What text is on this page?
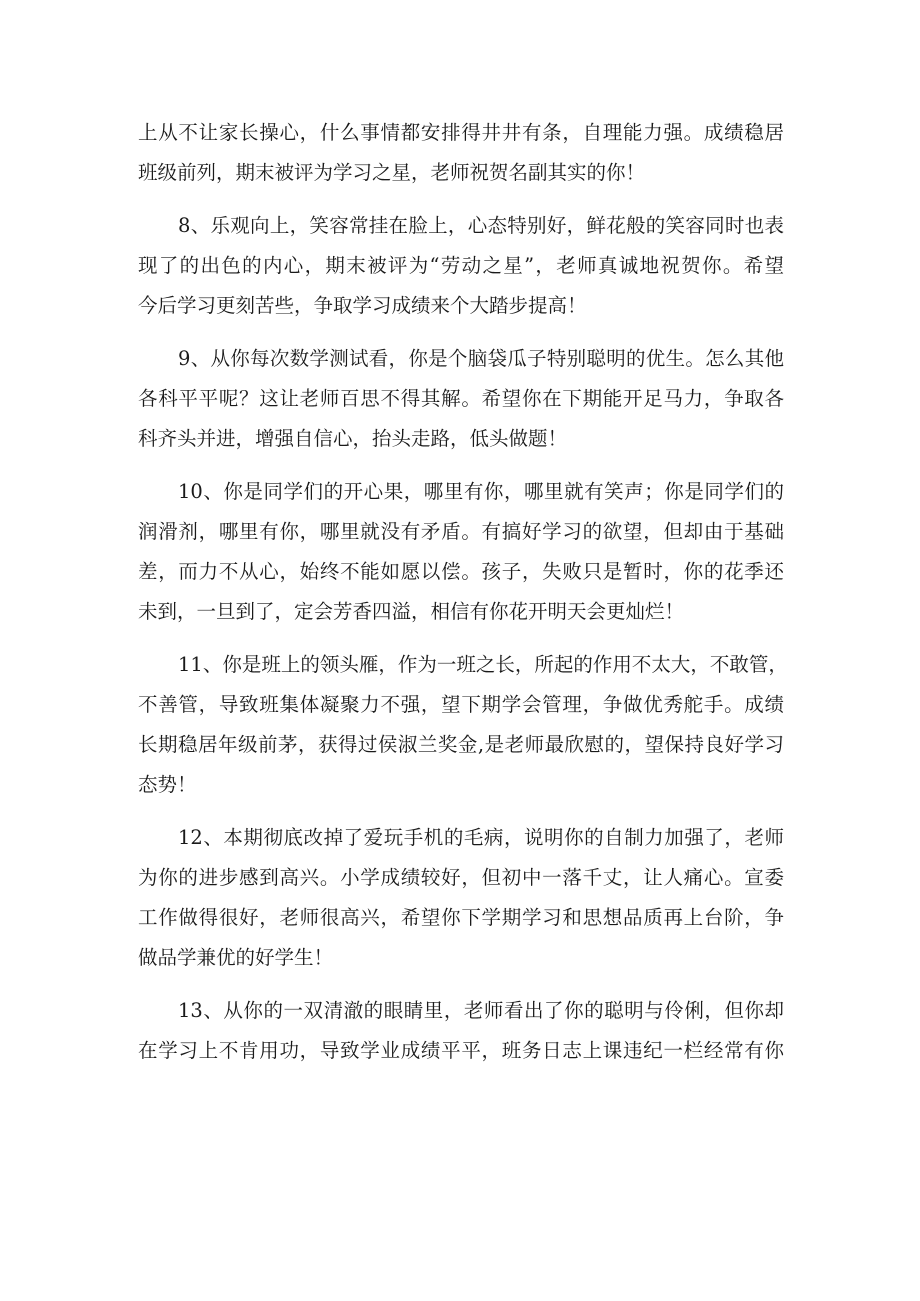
上从不让家长操心，什么事情都安排得井井有条，自理能力强。成绩稳居
班级前列，期末被评为学习之星，老师祝贺名副其实的你！
8、乐观向上，笑容常挂在脸上，心态特别好，鲜花般的笑容同时也表
现了的出色的内心，期末被评为“劳动之星”，老师真诚地祝贺你。希望
今后学习更刻苦些，争取学习成绩来个大踏步提高！
9、从你每次数学测试看，你是个脑袋瓜子特别聪明的优生。怎么其他
各科平平呢？这让老师百思不得其解。希望你在下期能开足马力，争取各
科齐头并进，增强自信心，抬头走路，低头做题！
10、你是同学们的开心果，哪里有你，哪里就有笑声；你是同学们的
润滑剂，哪里有你，哪里就没有矛盾。有搞好学习的欲望，但却由于基础
差，而力不从心，始终不能如愿以偿。孩子，失败只是暂时，你的花季还
未到，一旦到了，定会芳香四溢，相信有你花开明天会更灿烂！
11、你是班上的领头雁，作为一班之长，所起的作用不太大，不敢管，
不善管，导致班集体凝聚力不强，望下期学会管理，争做优秀舵手。成绩
长期稳居年级前茅，获得过侯淑兰奖金,是老师最欣慰的，望保持良好学习
态势！
12、本期彻底改掉了爱玩手机的毛病，说明你的自制力加强了，老师
为你的进步感到高兴。小学成绩较好，但初中一落千丈，让人痛心。宣委
工作做得很好，老师很高兴，希望你下学期学习和思想品质再上台阶，争
做品学兼优的好学生！
13、从你的一双清澈的眼睛里，老师看出了你的聪明与伶俐，但你却
在学习上不肯用功，导致学业成绩平平，班务日志上课违纪一栏经常有你
